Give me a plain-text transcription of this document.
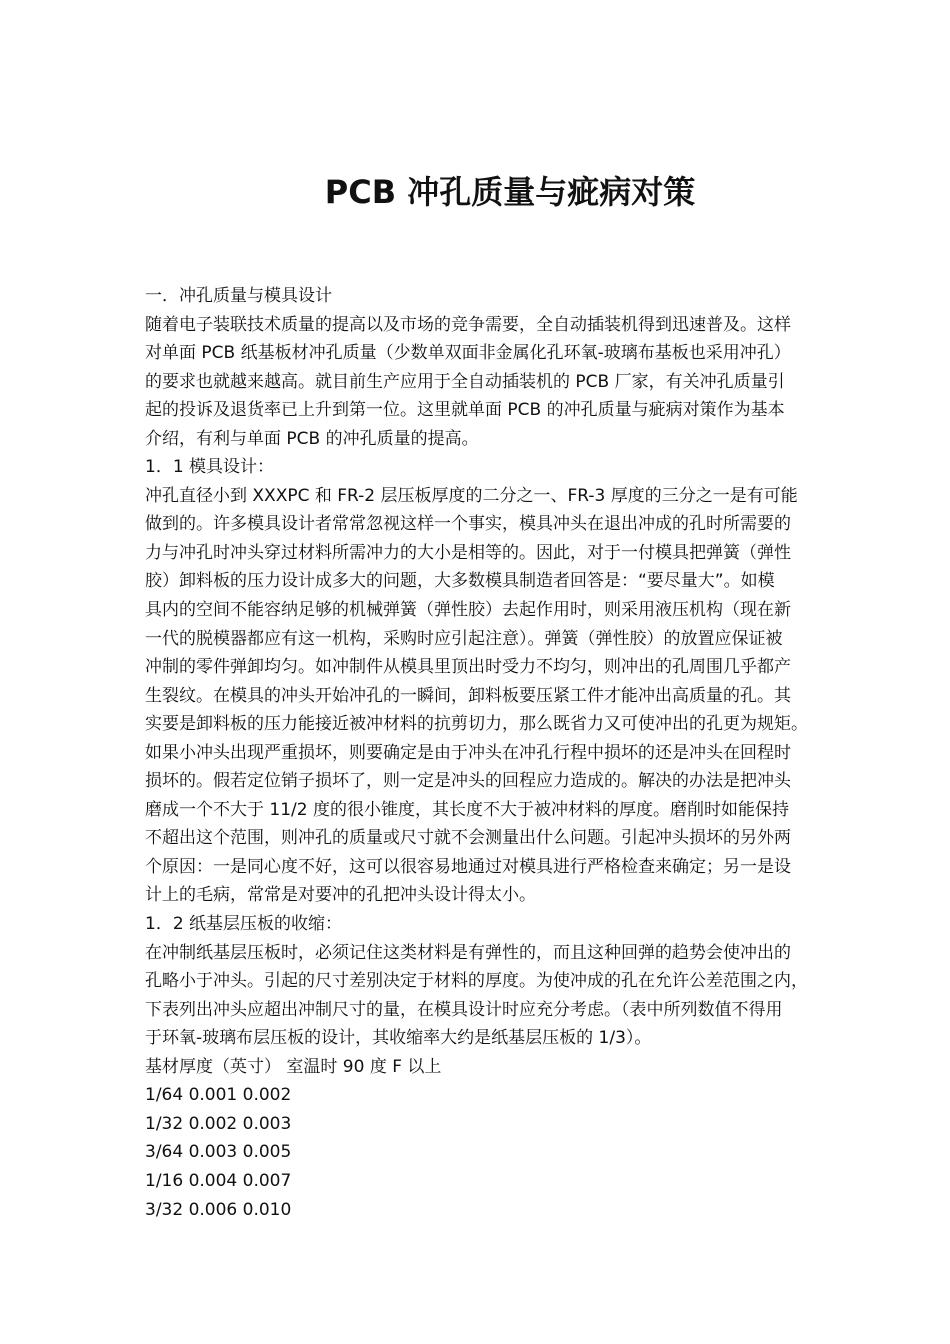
PCB 冲孔质量与疵病对策
一．冲孔质量与模具设计
随着电子装联技术质量的提高以及市场的竞争需要，全自动插装机得到迅速普及。这样
对单面 PCB 纸基板材冲孔质量（少数单双面非金属化孔环氧-玻璃布基板也采用冲孔）
的要求也就越来越高。就目前生产应用于全自动插装机的 PCB 厂家，有关冲孔质量引
起的投诉及退货率已上升到第一位。这里就单面 PCB 的冲孔质量与疵病对策作为基本
介绍，有利与单面 PCB 的冲孔质量的提高。
1．1 模具设计：
冲孔直径小到 XXXPC 和 FR-2 层压板厚度的二分之一、FR-3 厚度的三分之一是有可能
做到的。许多模具设计者常常忽视这样一个事实，模具冲头在退出冲成的孔时所需要的
力与冲孔时冲头穿过材料所需冲力的大小是相等的。因此，对于一付模具把弹簧（弹性
胶）卸料板的压力设计成多大的问题，大多数模具制造者回答是：“要尽量大”。如模
具内的空间不能容纳足够的机械弹簧（弹性胶）去起作用时，则采用液压机构（现在新
一代的脱模器都应有这一机构，采购时应引起注意）。弹簧（弹性胶）的放置应保证被
冲制的零件弹卸均匀。如冲制件从模具里顶出时受力不均匀，则冲出的孔周围几乎都产
生裂纹。在模具的冲头开始冲孔的一瞬间，卸料板要压紧工件才能冲出高质量的孔。其
实要是卸料板的压力能接近被冲材料的抗剪切力，那么既省力又可使冲出的孔更为规矩。
如果小冲头出现严重损坏，则要确定是由于冲头在冲孔行程中损坏的还是冲头在回程时
损坏的。假若定位销子损坏了，则一定是冲头的回程应力造成的。解决的办法是把冲头
磨成一个不大于 11/2 度的很小锥度，其长度不大于被冲材料的厚度。磨削时如能保持
不超出这个范围，则冲孔的质量或尺寸就不会测量出什么问题。引起冲头损坏的另外两
个原因：一是同心度不好，这可以很容易地通过对模具进行严格检查来确定；另一是设
计上的毛病，常常是对要冲的孔把冲头设计得太小。
1．2 纸基层压板的收缩：
在冲制纸基层压板时，必须记住这类材料是有弹性的，而且这种回弹的趋势会使冲出的
孔略小于冲头。引起的尺寸差别决定于材料的厚度。为使冲成的孔在允许公差范围之内，
下表列出冲头应超出冲制尺寸的量，在模具设计时应充分考虑。（表中所列数值不得用
于环氧-玻璃布层压板的设计，其收缩率大约是纸基层压板的 1/3）。
基材厚度（英寸） 室温时 90 度 F 以上
1/64 0.001 0.002
1/32 0.002 0.003
3/64 0.003 0.005
1/16 0.004 0.007
3/32 0.006 0.010
